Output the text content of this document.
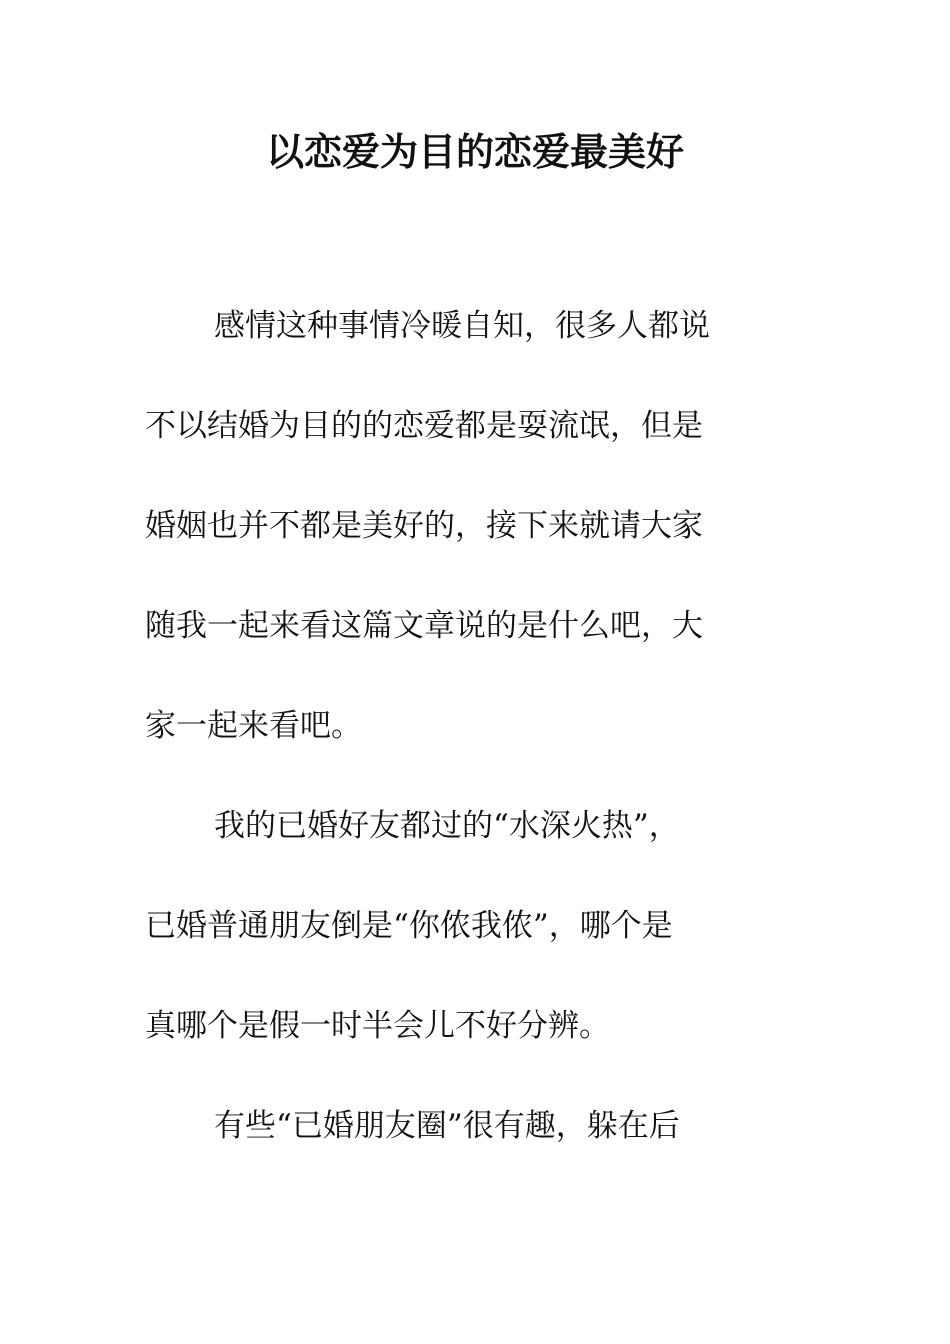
以恋爱为目的恋爱最美好
感情这种事情冷暖自知，很多人都说
不以结婚为目的的恋爱都是耍流氓，但是
婚姻也并不都是美好的，接下来就请大家
随我一起来看这篇文章说的是什么吧，大
家一起来看吧。
我的已婚好友都过的“水深火热”，
已婚普通朋友倒是“你侬我侬”，哪个是
真哪个是假一时半会儿不好分辨。
有些“已婚朋友圈”很有趣，躲在后
